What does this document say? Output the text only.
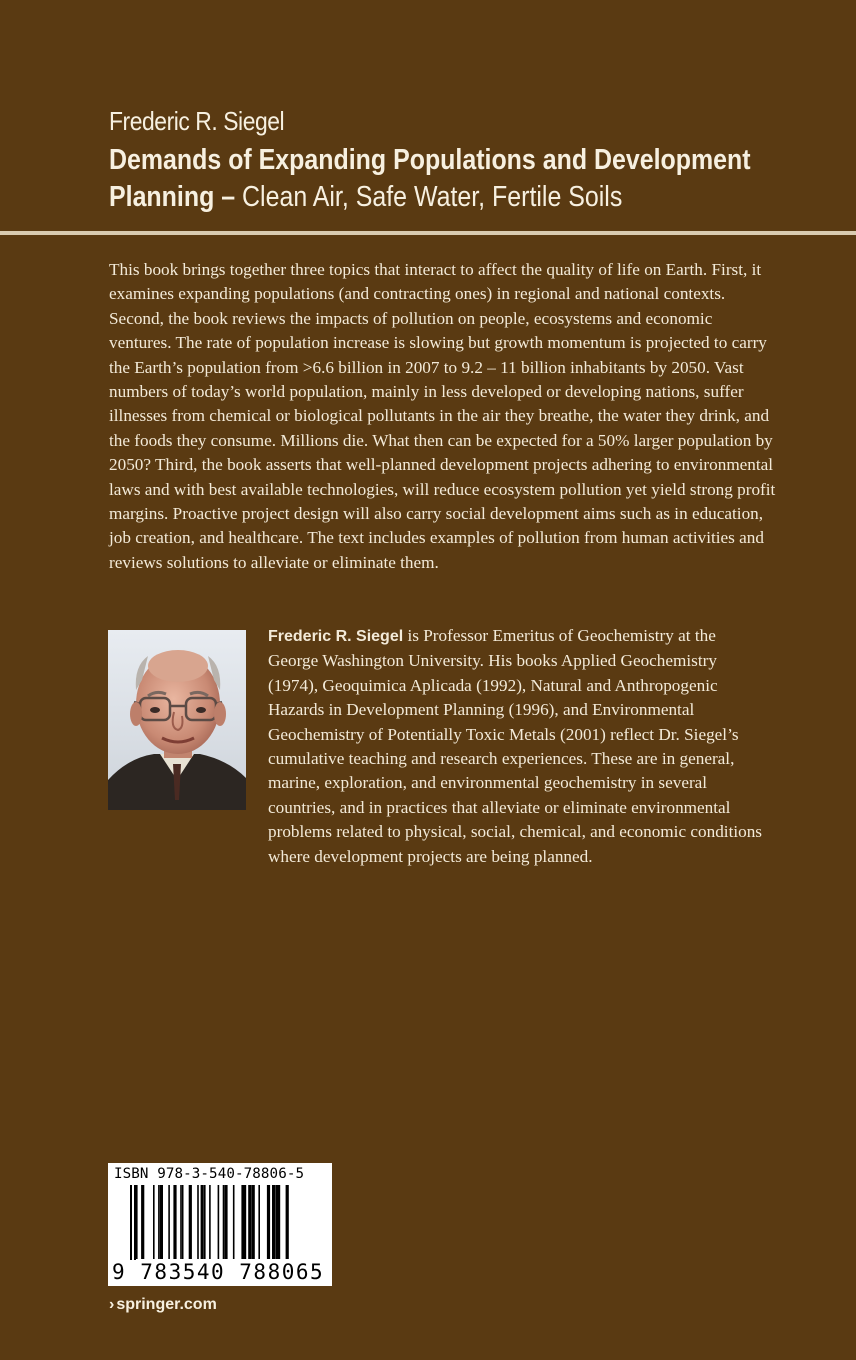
Frederic R. Siegel
Demands of Expanding Populations and Development Planning – Clean Air, Safe Water, Fertile Soils

This book brings together three topics that interact to affect the quality of life on Earth. First, it examines expanding populations (and contracting ones) in regional and national contexts. Second, the book reviews the impacts of pollution on people, ecosystems and economic ventures. The rate of population increase is slowing but growth momentum is projected to carry the Earth’s population from >6.6 billion in 2007 to 9.2 – 11 billion inhabitants by 2050. Vast numbers of today’s world population, mainly in less developed or developing nations, suffer illnesses from chemical or biological pollutants in the air they breathe, the water they drink, and the foods they consume. Millions die. What then can be expected for a 50% larger population by 2050? Third, the book asserts that well-planned development projects adhering to environmental laws and with best available technologies, will reduce ecosystem pollution yet yield strong profit margins. Proactive project design will also carry social development aims such as in education, job creation, and healthcare. The text includes examples of pollution from human activities and reviews solutions to alleviate or eliminate them.

Frederic R. Siegel is Professor Emeritus of Geochemistry at the George Washington University. His books Applied Geochemistry (1974), Geoquimica Aplicada (1992), Natural and Anthropogenic Hazards in Development Planning (1996), and Environmental Geochemistry of Potentially Toxic Metals (2001) reflect Dr. Siegel’s cumulative teaching and research experiences. These are in general, marine, exploration, and environmental geochemistry in several countries, and in practices that alleviate or eliminate environmental problems related to physical, social, chemical, and economic conditions where development projects are being planned.

ISBN 978-3-540-78806-5
9 783540 788065
› springer.com
